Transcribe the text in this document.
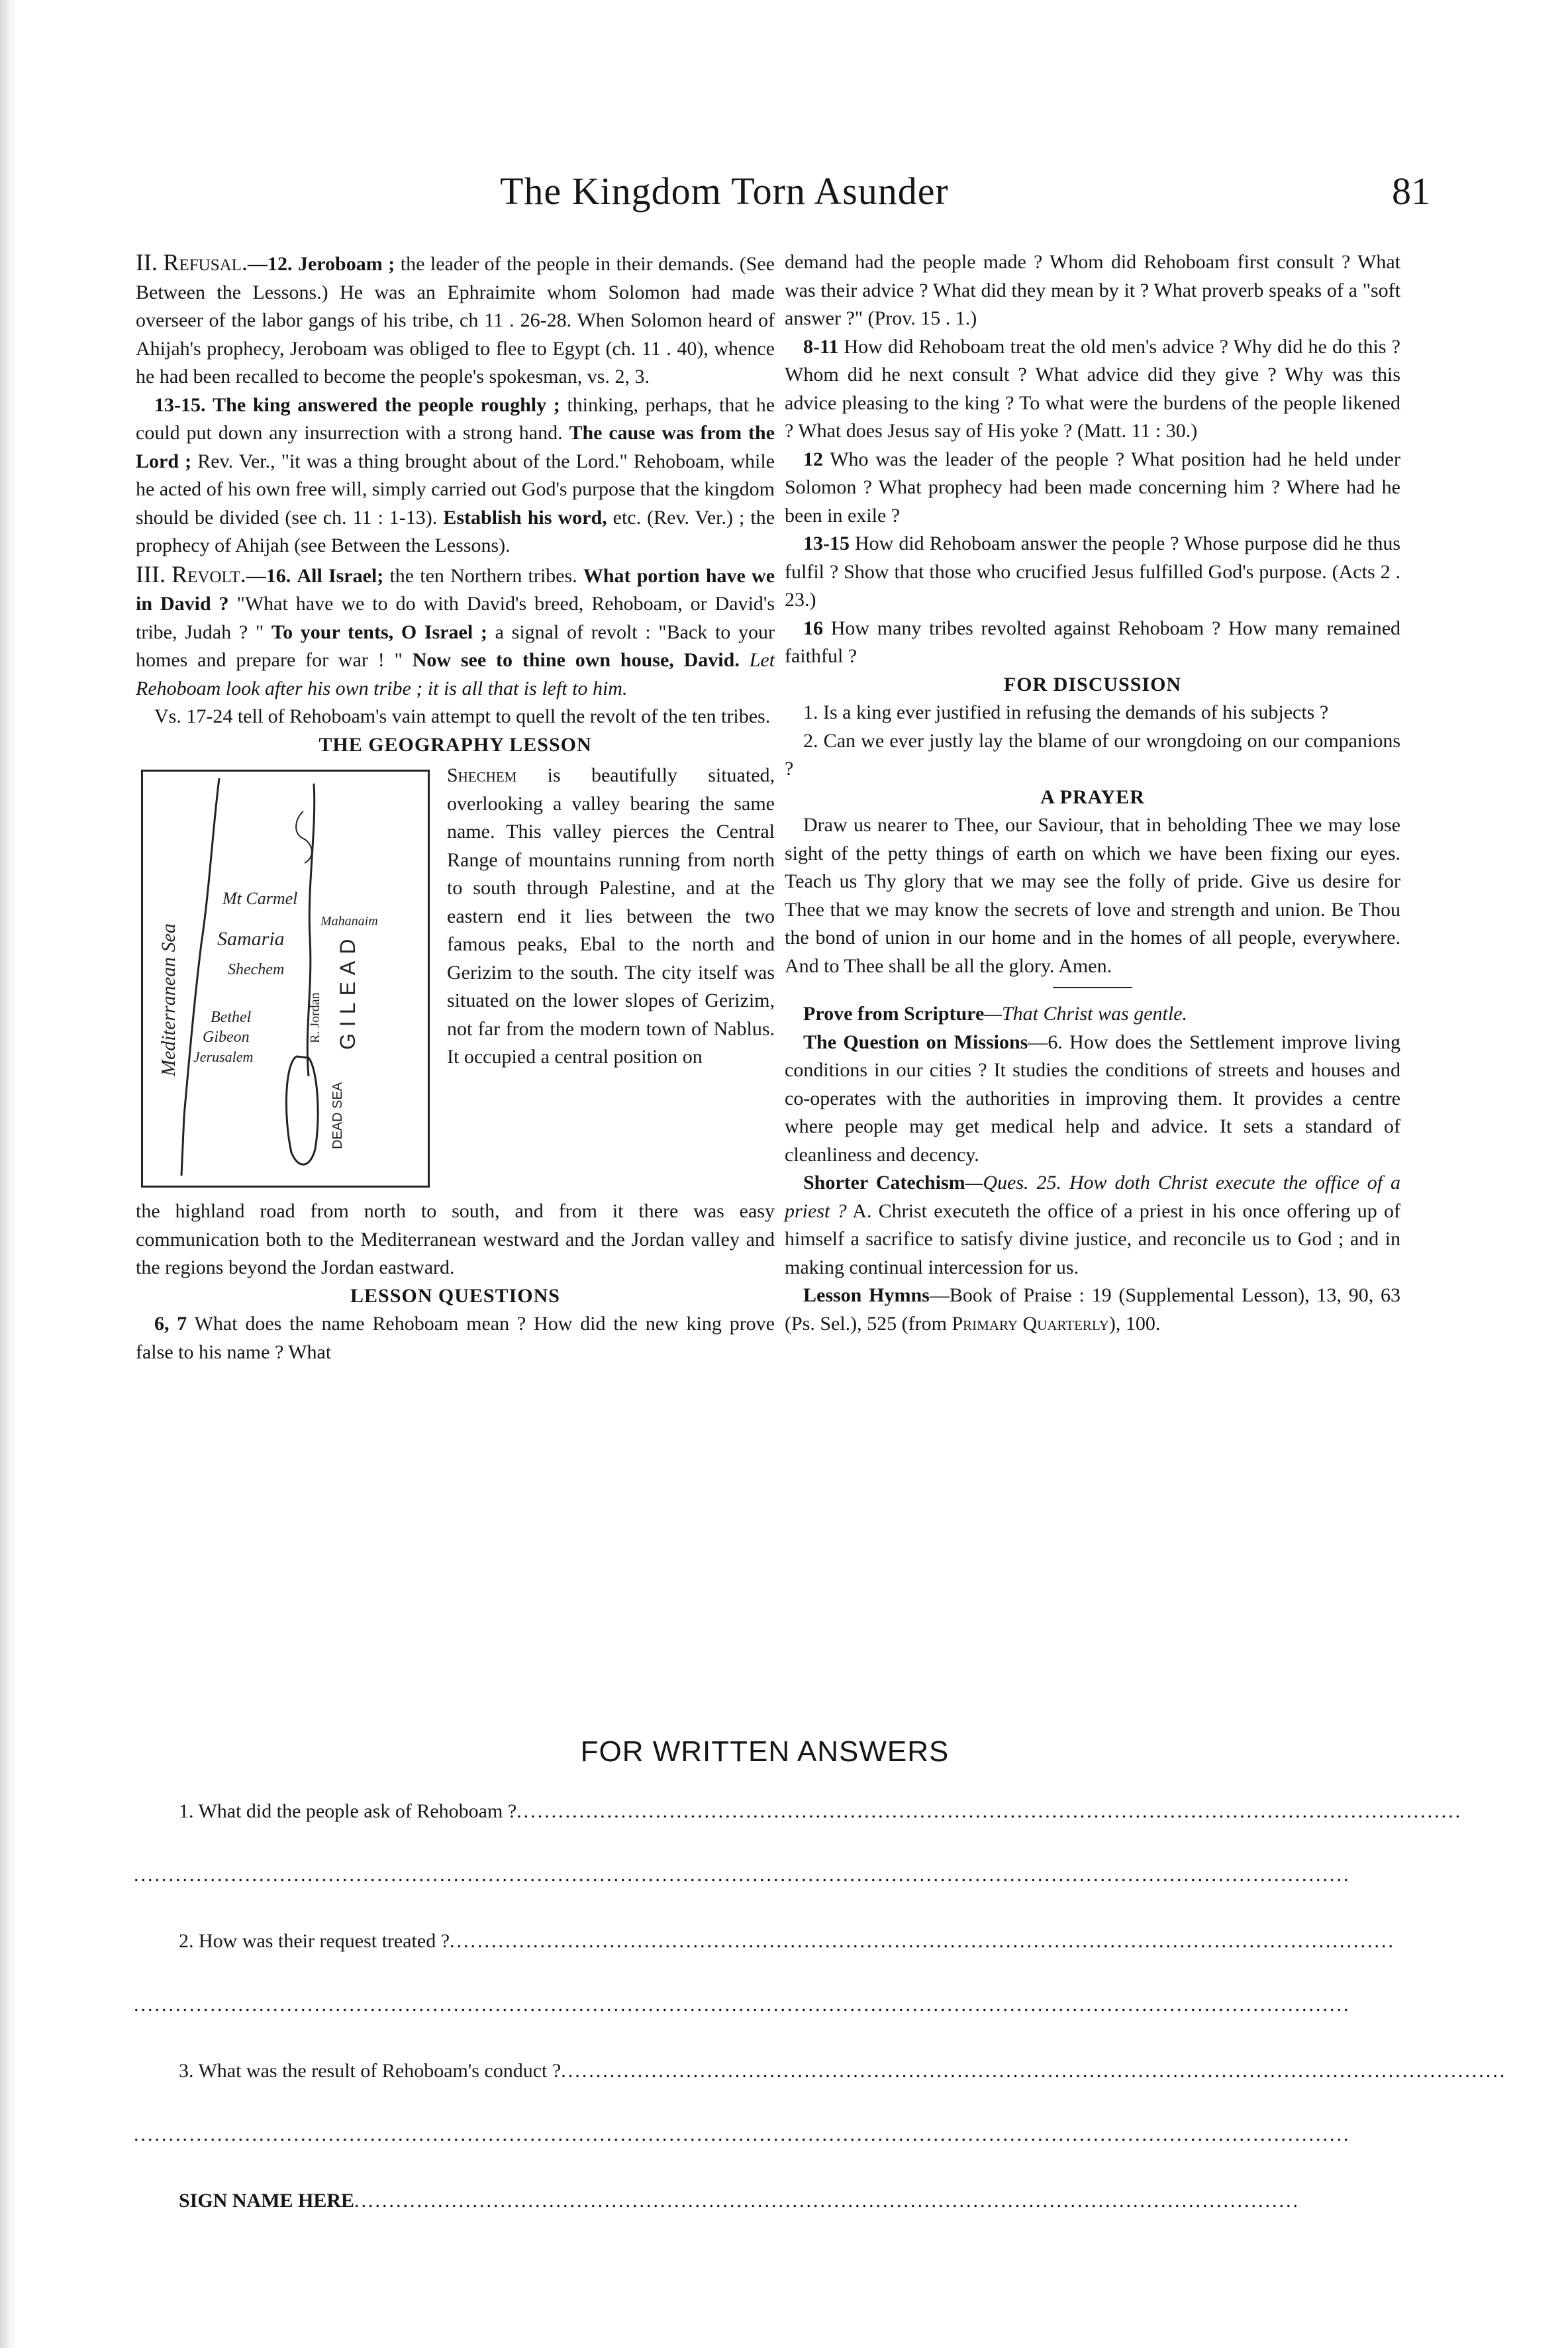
The Kingdom Torn Asunder	81

II. Refusal.—12. Jeroboam ; the leader of the people in their demands. (See Between the Lessons.) He was an Ephraimite whom Solomon had made overseer of the labor gangs of his tribe, ch 11 . 26-28. When Solomon heard of Ahijah's prophecy, Jeroboam was obliged to flee to Egypt (ch. 11 . 40), whence he had been recalled to become the people's spokesman, vs. 2, 3.

13-15. The king answered the people roughly ; thinking, perhaps, that he could put down any insurrection with a strong hand. The cause was from the Lord ; Rev. Ver., "it was a thing brought about of the Lord." Rehoboam, while he acted of his own free will, simply carried out God's purpose that the kingdom should be divided (see ch. 11 : 1-13). Establish his word, etc. (Rev. Ver.) ; the prophecy of Ahijah (see Between the Lessons).

III. Revolt.—16. All Israel; the ten Northern tribes. What portion have we in David ? "What have we to do with David's breed, Rehoboam, or David's tribe, Judah ? " To your tents, O Israel ; a signal of revolt : "Back to your homes and prepare for war ! " Now see to thine own house, David. Let Rehoboam look after his own tribe ; it is all that is left to him.

Vs. 17-24 tell of Rehoboam's vain attempt to quell the revolt of the ten tribes.

THE GEOGRAPHY LESSON

Mediterranean Sea
Mt Carmel
Samaria
Shechem
Bethel
Gibeon
Jerusalem
Mahanaim
R. Jordan GILEAD
DEAD SEA
Shechem is beautifully situated, overlooking a valley bearing the same name. This valley pierces the Central Range of mountains running from north to south through Palestine, and at the eastern end it lies between the two famous peaks, Ebal to the north and Gerizim to the south. The city itself was situated on the lower slopes of Gerizim, not far from the modern town of Nablus. It occupied a central position on

the highland road from north to south, and from it there was easy communication both to the Mediterranean westward and the Jordan valley and the regions beyond the Jordan eastward.

LESSON QUESTIONS

6, 7 What does the name Rehoboam mean ? How did the new king prove false to his name ? What

demand had the people made ? Whom did Rehoboam first consult ? What was their advice ? What did they mean by it ? What proverb speaks of a "soft answer ?" (Prov. 15 . 1.)

8-11 How did Rehoboam treat the old men's advice ? Why did he do this ? Whom did he next consult ? What advice did they give ? Why was this advice pleasing to the king ? To what were the burdens of the people likened ? What does Jesus say of His yoke ? (Matt. 11 : 30.)

12 Who was the leader of the people ? What position had he held under Solomon ? What prophecy had been made concerning him ? Where had he been in exile ?

13-15 How did Rehoboam answer the people ? Whose purpose did he thus fulfil ? Show that those who crucified Jesus fulfilled God's purpose. (Acts 2 . 23.)

16 How many tribes revolted against Rehoboam ? How many remained faithful ?

FOR DISCUSSION

1. Is a king ever justified in refusing the demands of his subjects ?

2. Can we ever justly lay the blame of our wrongdoing on our companions ?

A PRAYER

Draw us nearer to Thee, our Saviour, that in beholding Thee we may lose sight of the petty things of earth on which we have been fixing our eyes. Teach us Thy glory that we may see the folly of pride. Give us desire for Thee that we may know the secrets of love and strength and union. Be Thou the bond of union in our home and in the homes of all people, everywhere. And to Thee shall be all the glory. Amen.

Prove from Scripture—That Christ was gentle.

The Question on Missions—6. How does the Settlement improve living conditions in our cities ? It studies the conditions of streets and houses and co-operates with the authorities in improving them. It provides a centre where people may get medical help and advice. It sets a standard of cleanliness and decency.

Shorter Catechism—Ques. 25. How doth Christ execute the office of a priest ? A. Christ executeth the office of a priest in his once offering up of himself a sacrifice to satisfy divine justice, and reconcile us to God ; and in making continual intercession for us.

Lesson Hymns—Book of Praise : 19 (Supplemental Lesson), 13, 90, 63 (Ps. Sel.), 525 (from Primary Quarterly), 100.

FOR WRITTEN ANSWERS

1. What did the people ask of Rehoboam ? ........................................................................................................................................
...............................................................................................................................................................................
2. How was their request treated ? ........................................................................................................................................
...............................................................................................................................................................................
3. What was the result of Rehoboam's conduct ? ........................................................................................................................................
...............................................................................................................................................................................
SIGN NAME HERE ........................................................................................................................................
